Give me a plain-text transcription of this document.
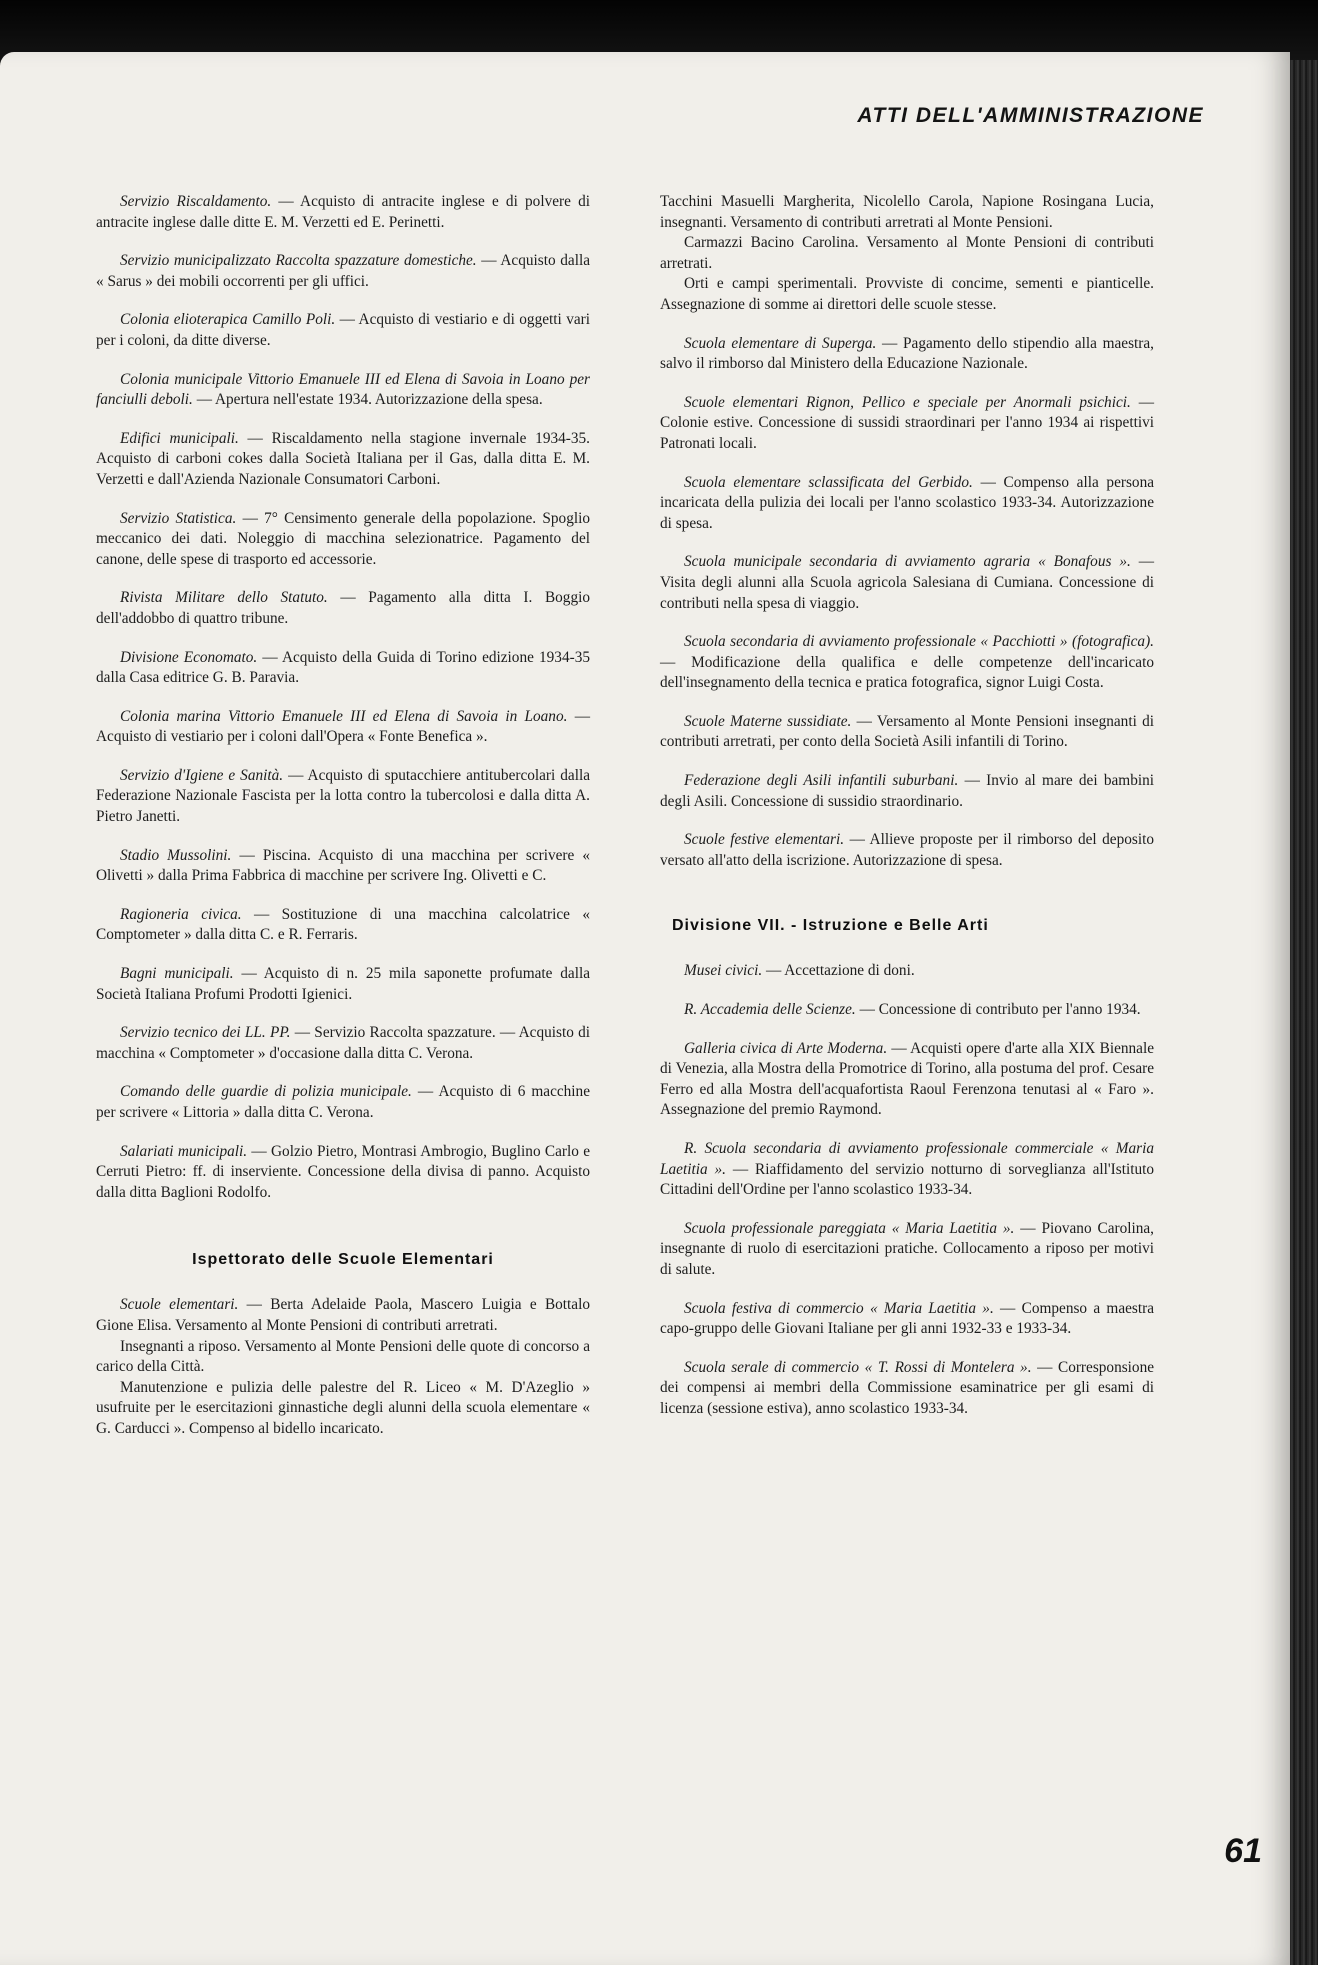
ATTI DELL'AMMINISTRAZIONE

Servizio Riscaldamento. — Acquisto di antracite inglese e di polvere di antracite inglese dalle ditte E. M. Verzetti ed E. Perinetti.

Servizio municipalizzato Raccolta spazzature domestiche. — Acquisto dalla « Sarus » dei mobili occorrenti per gli uffici.

Colonia elioterapica Camillo Poli. — Acquisto di vestiario e di oggetti vari per i coloni, da ditte diverse.

Colonia municipale Vittorio Emanuele III ed Elena di Savoia in Loano per fanciulli deboli. — Apertura nell'estate 1934. Autorizzazione della spesa.

Edifici municipali. — Riscaldamento nella stagione invernale 1934-35. Acquisto di carboni cokes dalla Società Italiana per il Gas, dalla ditta E. M. Verzetti e dall'Azienda Nazionale Consumatori Carboni.

Servizio Statistica. — 7° Censimento generale della popolazione. Spoglio meccanico dei dati. Noleggio di macchina selezionatrice. Pagamento del canone, delle spese di trasporto ed accessorie.

Rivista Militare dello Statuto. — Pagamento alla ditta I. Boggio dell'addobbo di quattro tribune.

Divisione Economato. — Acquisto della Guida di Torino edizione 1934-35 dalla Casa editrice G. B. Paravia.

Colonia marina Vittorio Emanuele III ed Elena di Savoia in Loano. — Acquisto di vestiario per i coloni dall'Opera « Fonte Benefica ».

Servizio d'Igiene e Sanità. — Acquisto di sputacchiere antitubercolari dalla Federazione Nazionale Fascista per la lotta contro la tubercolosi e dalla ditta A. Pietro Janetti.

Stadio Mussolini. — Piscina. Acquisto di una macchina per scrivere « Olivetti » dalla Prima Fabbrica di macchine per scrivere Ing. Olivetti e C.

Ragioneria civica. — Sostituzione di una macchina calcolatrice « Comptometer » dalla ditta C. e R. Ferraris.

Bagni municipali. — Acquisto di n. 25 mila saponette profumate dalla Società Italiana Profumi Prodotti Igienici.

Servizio tecnico dei LL. PP. — Servizio Raccolta spazzature. — Acquisto di macchina « Comptometer » d'occasione dalla ditta C. Verona.

Comando delle guardie di polizia municipale. — Acquisto di 6 macchine per scrivere « Littoria » dalla ditta C. Verona.

Salariati municipali. — Golzio Pietro, Montrasi Ambrogio, Buglino Carlo e Cerruti Pietro: ff. di inserviente. Concessione della divisa di panno. Acquisto dalla ditta Baglioni Rodolfo.

Ispettorato delle Scuole Elementari

Scuole elementari. — Berta Adelaide Paola, Mascero Luigia e Bottalo Gione Elisa. Versamento al Monte Pensioni di contributi arretrati.

Insegnanti a riposo. Versamento al Monte Pensioni delle quote di concorso a carico della Città.

Manutenzione e pulizia delle palestre del R. Liceo « M. D'Azeglio » usufruite per le esercitazioni ginnastiche degli alunni della scuola elementare « G. Carducci ». Compenso al bidello incaricato.

Tacchini Masuelli Margherita, Nicolello Carola, Napione Rosingana Lucia, insegnanti. Versamento di contributi arretrati al Monte Pensioni.

Carmazzi Bacino Carolina. Versamento al Monte Pensioni di contributi arretrati.

Orti e campi sperimentali. Provviste di concime, sementi e pianticelle. Assegnazione di somme ai direttori delle scuole stesse.

Scuola elementare di Superga. — Pagamento dello stipendio alla maestra, salvo il rimborso dal Ministero della Educazione Nazionale.

Scuole elementari Rignon, Pellico e speciale per Anormali psichici. — Colonie estive. Concessione di sussidi straordinari per l'anno 1934 ai rispettivi Patronati locali.

Scuola elementare sclassificata del Gerbido. — Compenso alla persona incaricata della pulizia dei locali per l'anno scolastico 1933-34. Autorizzazione di spesa.

Scuola municipale secondaria di avviamento agraria « Bonafous ». — Visita degli alunni alla Scuola agricola Salesiana di Cumiana. Concessione di contributi nella spesa di viaggio.

Scuola secondaria di avviamento professionale « Pacchiotti » (fotografica). — Modificazione della qualifica e delle competenze dell'incaricato dell'insegnamento della tecnica e pratica fotografica, signor Luigi Costa.

Scuole Materne sussidiate. — Versamento al Monte Pensioni insegnanti di contributi arretrati, per conto della Società Asili infantili di Torino.

Federazione degli Asili infantili suburbani. — Invio al mare dei bambini degli Asili. Concessione di sussidio straordinario.

Scuole festive elementari. — Allieve proposte per il rimborso del deposito versato all'atto della iscrizione. Autorizzazione di spesa.

Divisione VII. - Istruzione e Belle Arti

Musei civici. — Accettazione di doni.

R. Accademia delle Scienze. — Concessione di contributo per l'anno 1934.

Galleria civica di Arte Moderna. — Acquisti opere d'arte alla XIX Biennale di Venezia, alla Mostra della Promotrice di Torino, alla postuma del prof. Cesare Ferro ed alla Mostra dell'acquafortista Raoul Ferenzona tenutasi al « Faro ». Assegnazione del premio Raymond.

R. Scuola secondaria di avviamento professionale commerciale « Maria Laetitia ». — Riaffidamento del servizio notturno di sorveglianza all'Istituto Cittadini dell'Ordine per l'anno scolastico 1933-34.

Scuola professionale pareggiata « Maria Laetitia ». — Piovano Carolina, insegnante di ruolo di esercitazioni pratiche. Collocamento a riposo per motivi di salute.

Scuola festiva di commercio « Maria Laetitia ». — Compenso a maestra capo-gruppo delle Giovani Italiane per gli anni 1932-33 e 1933-34.

Scuola serale di commercio « T. Rossi di Montelera ». — Corresponsione dei compensi ai membri della Commissione esaminatrice per gli esami di licenza (sessione estiva), anno scolastico 1933-34.

61
